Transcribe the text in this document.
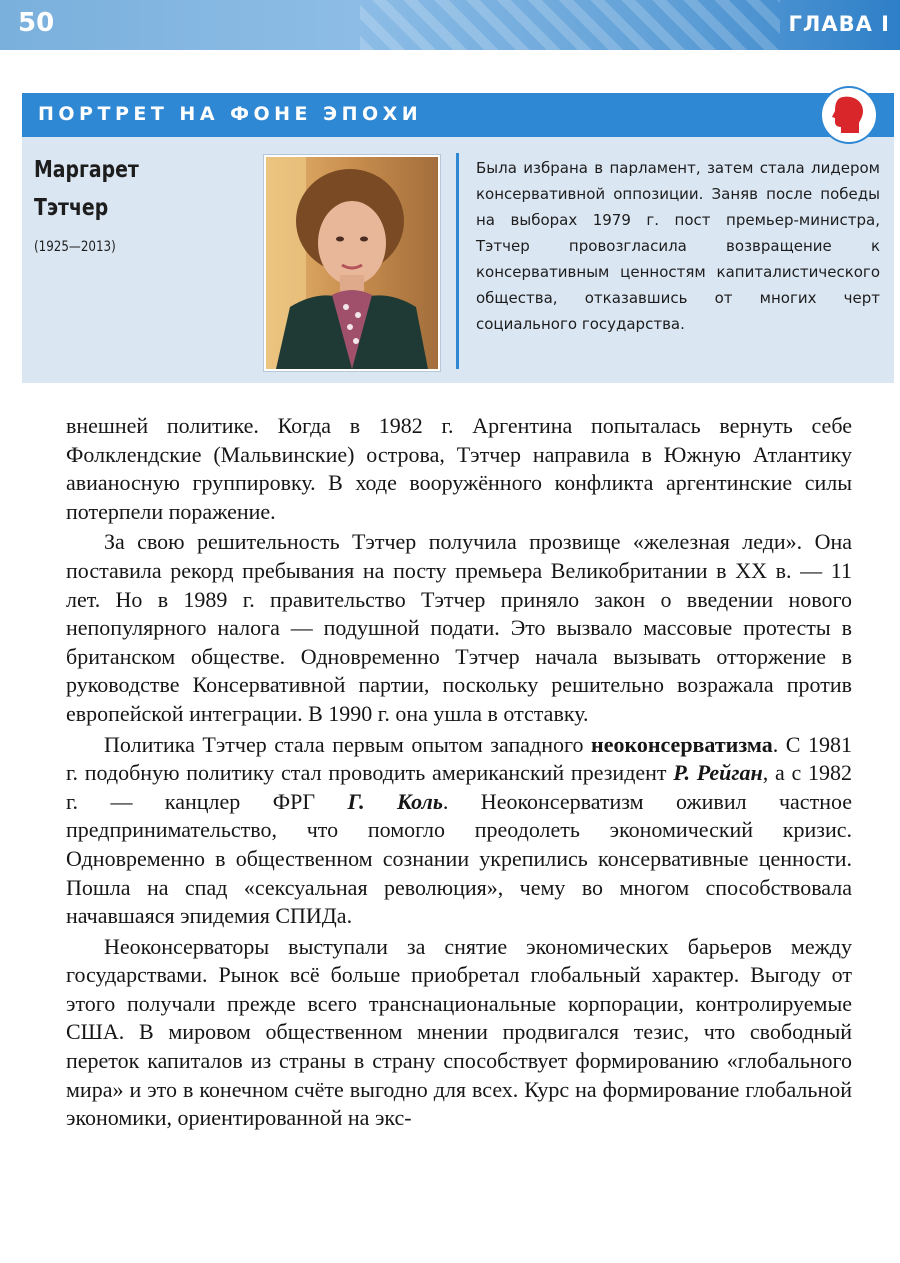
50	ГЛАВА I
ПОРТРЕТ НА ФОНЕ ЭПОХИ
Маргарет
Тэтчер
(1925—2013)
Была избрана в парламент, затем стала лидером консервативной оппозиции. Заняв после победы на выборах 1979 г. пост премьер-министра, Тэтчер провозгласила возвращение к консервативным ценностям капиталистического общества, отказавшись от многих черт социального государства.

внешней политике. Когда в 1982 г. Аргентина попыталась вернуть себе Фолклендские (Мальвинские) острова, Тэтчер направила в Южную Атлантику авианосную группировку. В ходе вооружённого конфликта аргентинские силы потерпели поражение.

За свою решительность Тэтчер получила прозвище «железная леди». Она поставила рекорд пребывания на посту премьера Великобритании в XX в. — 11 лет. Но в 1989 г. правительство Тэтчер приняло закон о введении нового непопулярного налога — подушной подати. Это вызвало массовые протесты в британском обществе. Одновременно Тэтчер начала вызывать отторжение в руководстве Консервативной партии, поскольку решительно возражала против европейской интеграции. В 1990 г. она ушла в отставку.

Политика Тэтчер стала первым опытом западного неоконсерватизма. С 1981 г. подобную политику стал проводить американский президент Р. Рейган, а с 1982 г. — канцлер ФРГ Г. Коль. Неоконсерватизм оживил частное предпринимательство, что помогло преодолеть экономический кризис. Одновременно в общественном сознании укрепились консервативные ценности. Пошла на спад «сексуальная революция», чему во многом способствовала начавшаяся эпидемия СПИДа.

Неоконсерваторы выступали за снятие экономических барьеров между государствами. Рынок всё больше приобретал глобальный характер. Выгоду от этого получали прежде всего транснациональные корпорации, контролируемые США. В мировом общественном мнении продвигался тезис, что свободный переток капиталов из страны в страну способствует формированию «глобального мира» и это в конечном счёте выгодно для всех. Курс на формирование глобальной экономики, ориентированной на экс-
